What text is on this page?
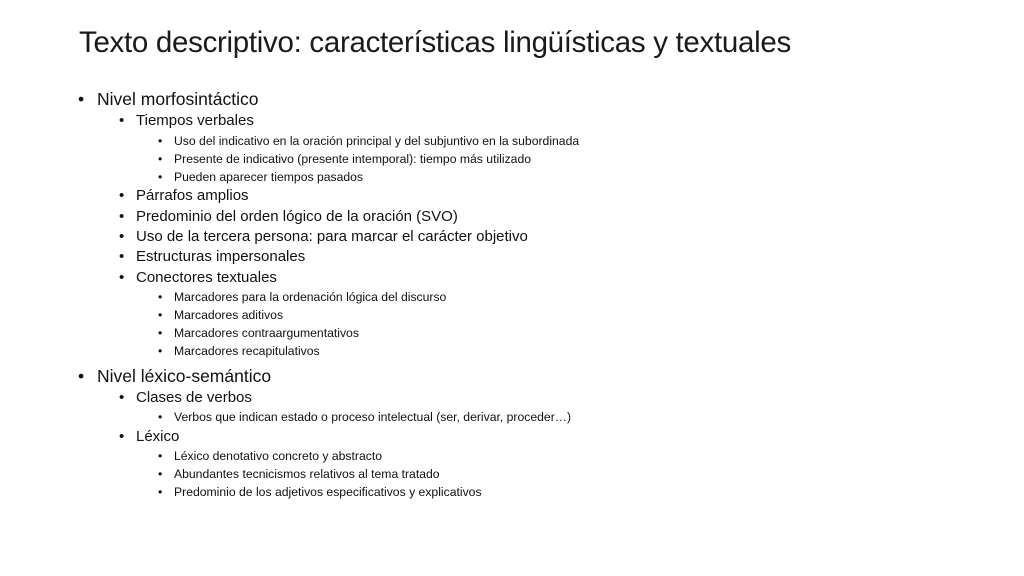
Texto descriptivo: características lingüísticas y textuales
• Nivel morfosintáctico
• Tiempos verbales
• Uso del indicativo en la oración principal y del subjuntivo en la subordinada
• Presente de indicativo (presente intemporal): tiempo más utilizado
• Pueden aparecer tiempos pasados
• Párrafos amplios
• Predominio del orden lógico de la oración (SVO)
• Uso de la tercera persona: para marcar el carácter objetivo
• Estructuras impersonales
• Conectores textuales
• Marcadores para la ordenación lógica del discurso
• Marcadores aditivos
• Marcadores contraargumentativos
• Marcadores recapitulativos
• Nivel léxico-semántico
• Clases de verbos
• Verbos que indican estado o proceso intelectual (ser, derivar, proceder…)
• Léxico
• Léxico denotativo concreto y abstracto
• Abundantes tecnicismos relativos al tema tratado
• Predominio de los adjetivos especificativos y explicativos
